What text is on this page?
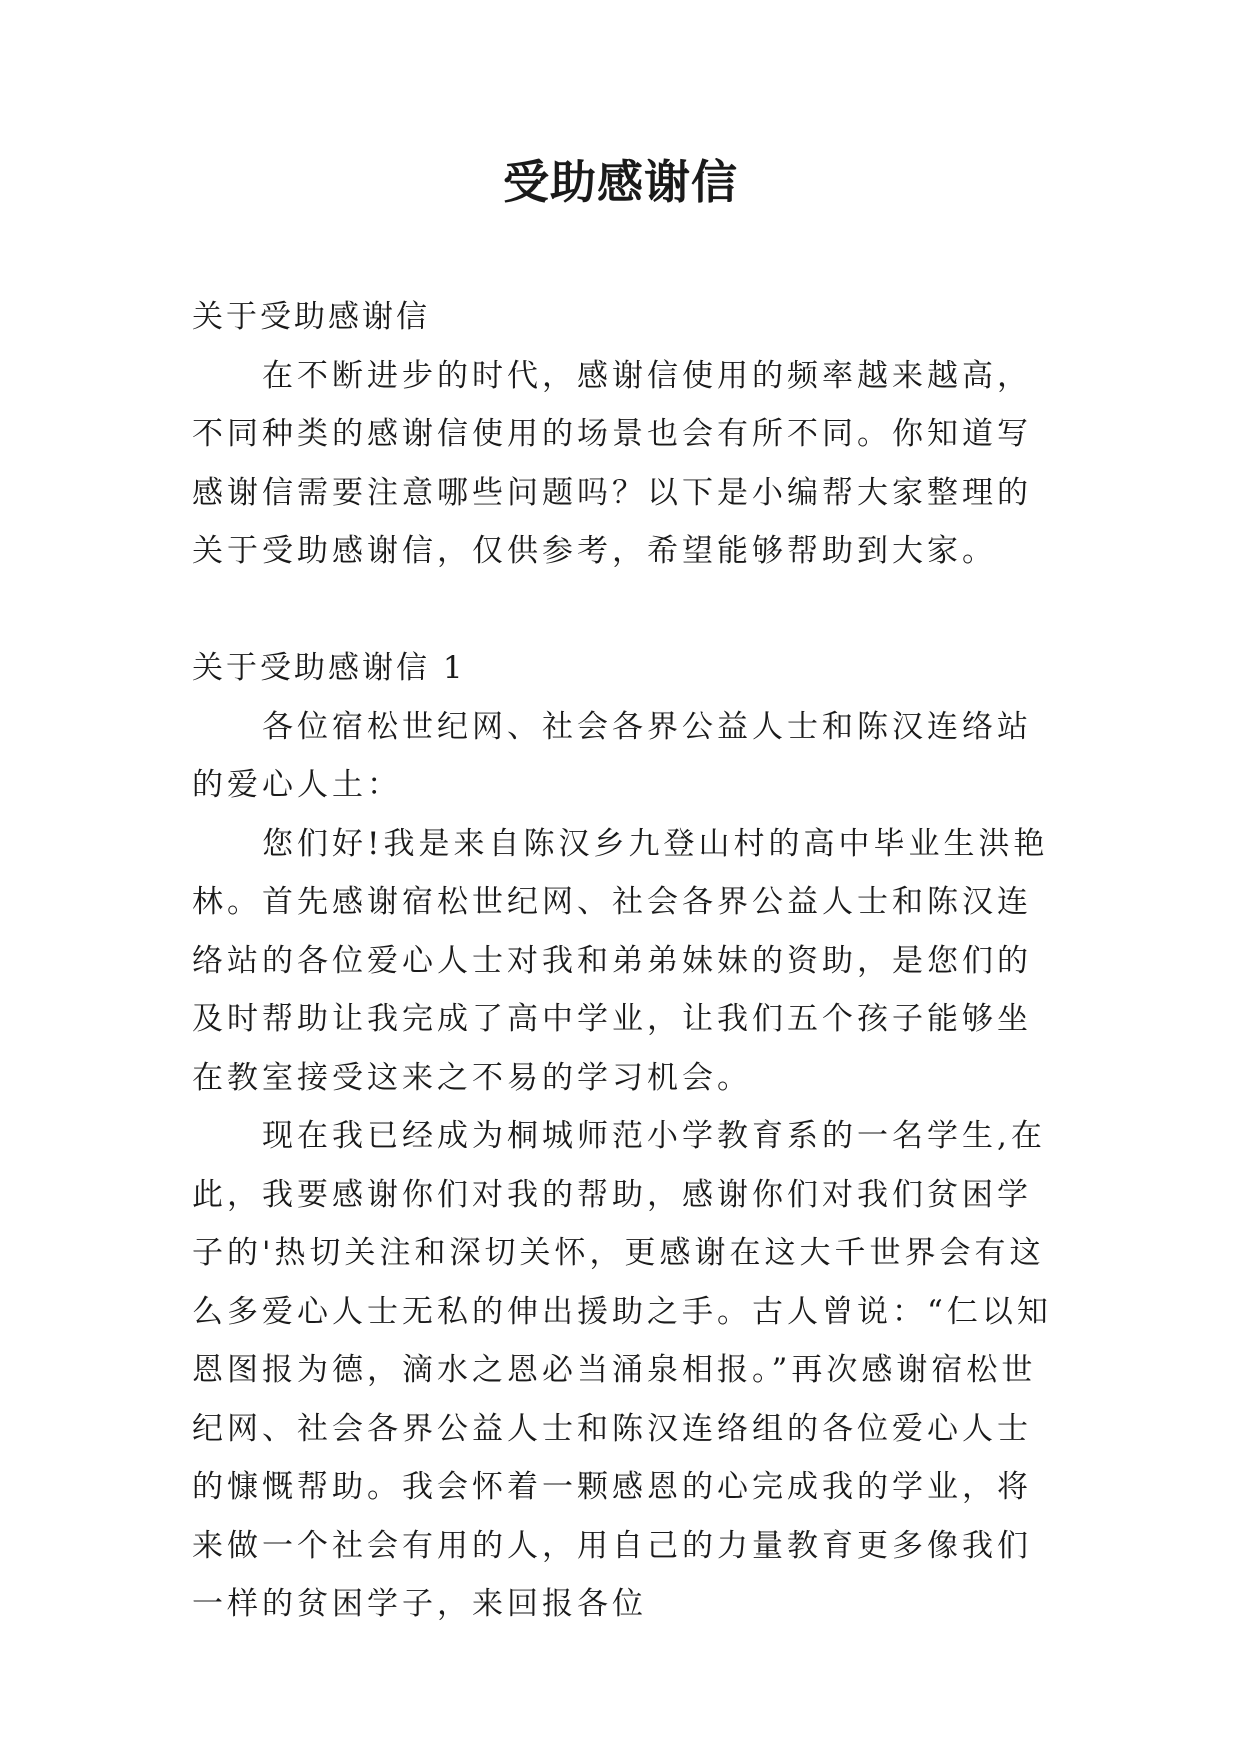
受助感谢信

关于受助感谢信

在不断进步的时代，感谢信使用的频率越来越高，不同种类的感谢信使用的场景也会有所不同。你知道写感谢信需要注意哪些问题吗？以下是小编帮大家整理的关于受助感谢信，仅供参考，希望能够帮助到大家。

关于受助感谢信 1

各位宿松世纪网、社会各界公益人士和陈汉连络站的爱心人土：

您们好!我是来自陈汉乡九登山村的高中毕业生洪艳林。首先感谢宿松世纪网、社会各界公益人士和陈汉连络站的各位爱心人士对我和弟弟妹妹的资助，是您们的及时帮助让我完成了高中学业，让我们五个孩子能够坐在教室接受这来之不易的学习机会。

现在我已经成为桐城师范小学教育系的一名学生,在此，我要感谢你们对我的帮助，感谢你们对我们贫困学子的'热切关注和深切关怀，更感谢在这大千世界会有这么多爱心人士无私的伸出援助之手。古人曾说：“仁以知恩图报为德，滴水之恩必当涌泉相报。”再次感谢宿松世纪网、社会各界公益人士和陈汉连络组的各位爱心人士的慷慨帮助。我会怀着一颗感恩的心完成我的学业，将来做一个社会有用的人，用自己的力量教育更多像我们一样的贫困学子，来回报各位
